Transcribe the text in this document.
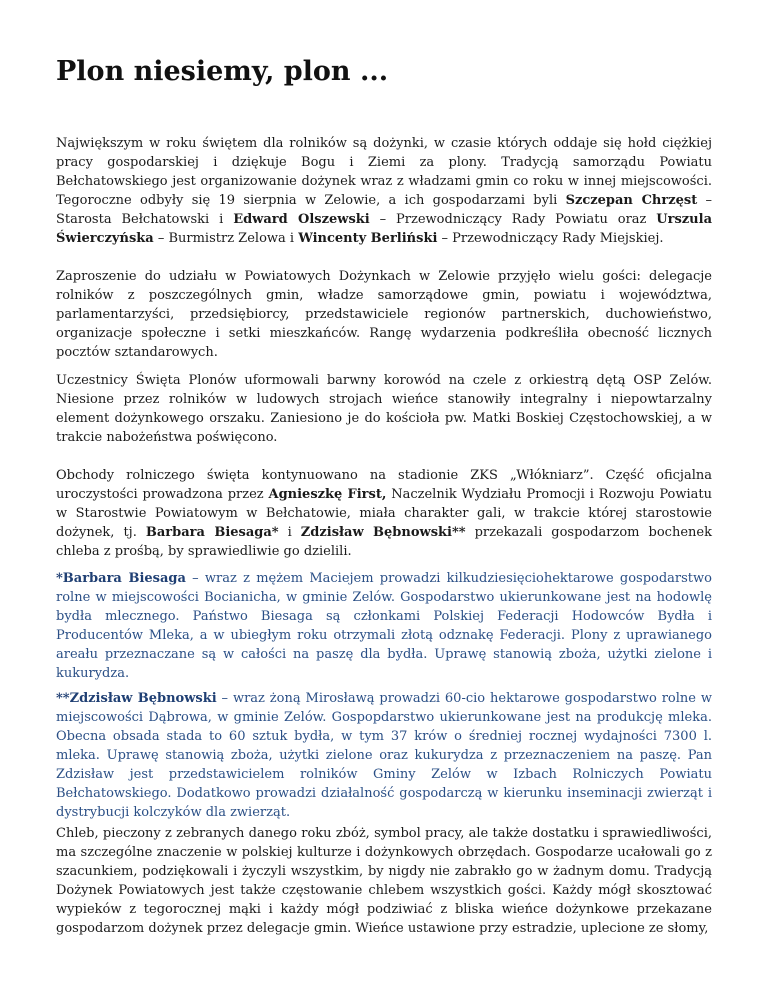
Plon niesiemy, plon ...

Największym w roku świętem dla rolników są dożynki, w czasie których oddaje się hołd ciężkiej pracy gospodarskiej i dziękuje Bogu i Ziemi za plony. Tradycją samorządu Powiatu Bełchatowskiego jest organizowanie dożynek wraz z władzami gmin co roku w innej miejscowości. Tegoroczne odbyły się 19 sierpnia w Zelowie, a ich gospodarzami byli Szczepan Chrzęst – Starosta Bełchatowski i Edward Olszewski – Przewodniczący Rady Powiatu oraz Urszula Świerczyńska – Burmistrz Zelowa i Wincenty Berliński – Przewodniczący Rady Miejskiej.

Zaproszenie do udziału w Powiatowych Dożynkach w Zelowie przyjęło wielu gości: delegacje rolników z poszczególnych gmin, władze samorządowe gmin, powiatu i województwa, parlamentarzyści, przedsiębiorcy, przedstawiciele regionów partnerskich, duchowieństwo, organizacje społeczne i setki mieszkańców. Rangę wydarzenia podkreśliła obecność licznych pocztów sztandarowych.

Uczestnicy Święta Plonów uformowali barwny korowód na czele z orkiestrą dętą OSP Zelów. Niesione przez rolników w ludowych strojach wieńce stanowiły integralny i niepowtarzalny element dożynkowego orszaku. Zaniesiono je do kościoła pw. Matki Boskiej Częstochowskiej, a w trakcie nabożeństwa poświęcono.

Obchody rolniczego święta kontynuowano na stadionie ZKS „Włókniarz”. Część oficjalna uroczystości prowadzona przez Agnieszkę First, Naczelnik Wydziału Promocji i Rozwoju Powiatu w Starostwie Powiatowym w Bełchatowie, miała charakter gali, w trakcie której starostowie dożynek, tj. Barbara Biesaga* i Zdzisław Bębnowski** przekazali gospodarzom bochenek chleba z prośbą, by sprawiedliwie go dzielili.

*Barbara Biesaga – wraz z mężem Maciejem prowadzi kilkudziesięciohektarowe gospodarstwo rolne w miejscowości Bocianicha, w gminie Zelów. Gospodarstwo ukierunkowane jest na hodowlę bydła mlecznego. Państwo Biesaga są członkami Polskiej Federacji Hodowców Bydła i Producentów Mleka, a w ubiegłym roku otrzymali złotą odznakę Federacji. Plony z uprawianego areału przeznaczane są w całości na paszę dla bydła. Uprawę stanowią zboża, użytki zielone i kukurydza.

**Zdzisław Bębnowski – wraz żoną Mirosławą prowadzi 60-cio hektarowe gospodarstwo rolne w miejscowości Dąbrowa, w gminie Zelów. Gospopdarstwo ukierunkowane jest na produkcję mleka. Obecna obsada stada to 60 sztuk bydła, w tym 37 krów o średniej rocznej wydajności 7300 l. mleka. Uprawę stanowią zboża, użytki zielone oraz kukurydza z przeznaczeniem na paszę. Pan Zdzisław jest przedstawicielem rolników Gminy Zelów w Izbach Rolniczych Powiatu Bełchatowskiego. Dodatkowo prowadzi działalność gospodarczą w kierunku inseminacji zwierząt i dystrybucji kolczyków dla zwierząt.

Chleb, pieczony z zebranych danego roku zbóż, symbol pracy, ale także dostatku i sprawiedliwości, ma szczególne znaczenie w polskiej kulturze i dożynkowych obrzędach. Gospodarze ucałowali go z szacunkiem, podziękowali i życzyli wszystkim, by nigdy nie zabrakło go w żadnym domu. Tradycją Dożynek Powiatowych jest także częstowanie chlebem wszystkich gości. Każdy mógł skosztować wypieków z tegorocznej mąki i każdy mógł podziwiać z bliska wieńce dożynkowe przekazane gospodarzom dożynek przez delegacje gmin. Wieńce ustawione przy estradzie, uplecione ze słomy,
